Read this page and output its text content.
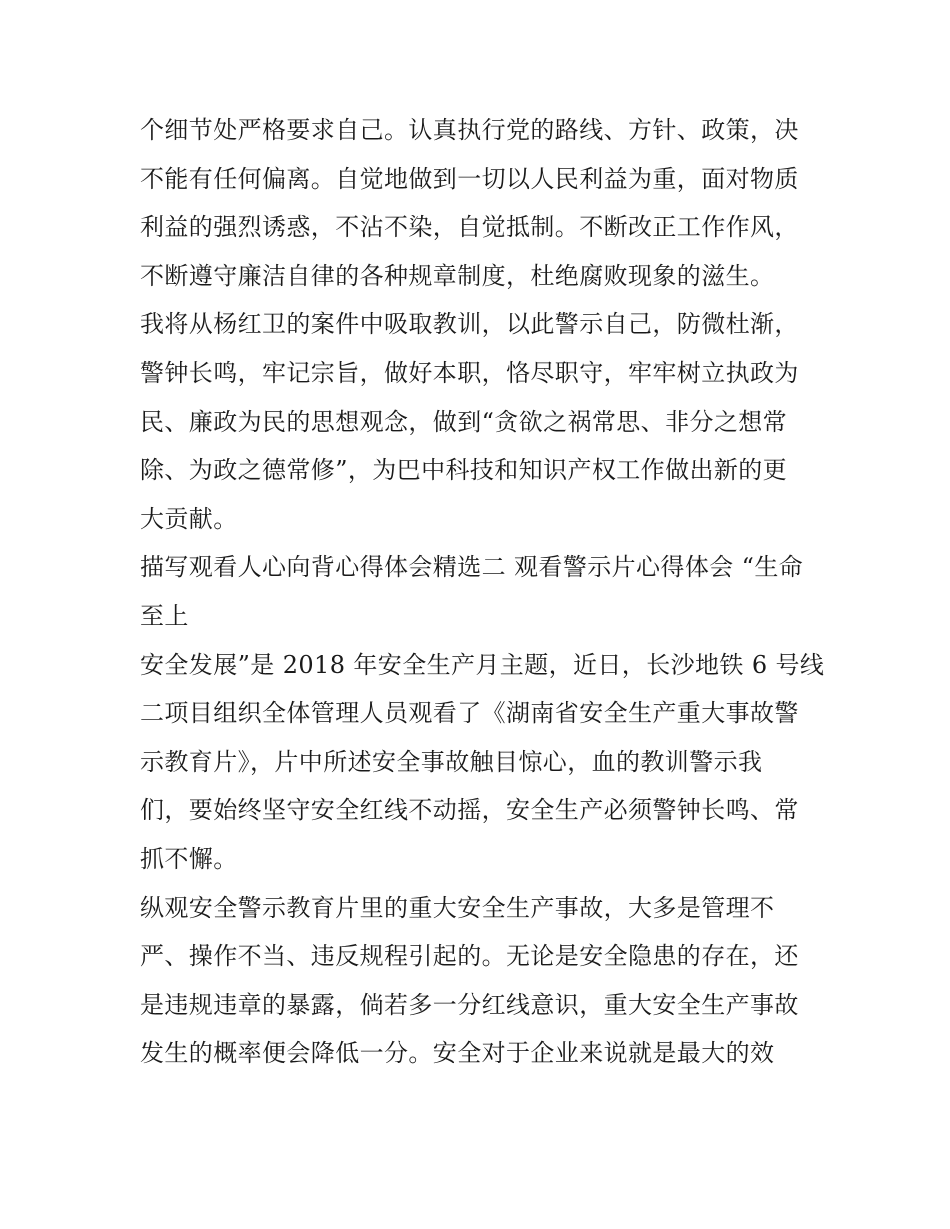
个细节处严格要求自己。认真执行党的路线、方针、政策，决
不能有任何偏离。自觉地做到一切以人民利益为重，面对物质
利益的强烈诱惑，不沾不染，自觉抵制。不断改正工作作风，
不断遵守廉洁自律的各种规章制度，杜绝腐败现象的滋生。
我将从杨红卫的案件中吸取教训，以此警示自己，防微杜渐，
警钟长鸣，牢记宗旨，做好本职，恪尽职守，牢牢树立执政为
民、廉政为民的思想观念，做到“贪欲之祸常思、非分之想常
除、为政之德常修”，为巴中科技和知识产权工作做出新的更
大贡献。
描写观看人心向背心得体会精选二 观看警示片心得体会 “生命
至上
安全发展”是 2018 年安全生产月主题，近日，长沙地铁 6 号线
二项目组织全体管理人员观看了《湖南省安全生产重大事故警
示教育片》，片中所述安全事故触目惊心，血的教训警示我
们，要始终坚守安全红线不动摇，安全生产必须警钟长鸣、常
抓不懈。
纵观安全警示教育片里的重大安全生产事故，大多是管理不
严、操作不当、违反规程引起的。无论是安全隐患的存在，还
是违规违章的暴露，倘若多一分红线意识，重大安全生产事故
发生的概率便会降低一分。安全对于企业来说就是最大的效
